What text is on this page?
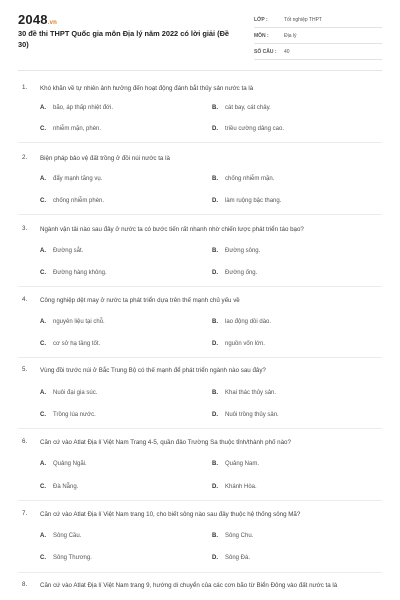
2048.vn
30 đề thi THPT Quốc gia môn Địa lý năm 2022 có lời giải (Đề 30)
LỚP :	Tốt nghiệp THPT
MÔN :	Địa lý
SỐ CÂU :	40
1. Khó khăn về tự nhiên ảnh hưởng đến hoạt động đánh bắt thủy sản nước ta là
A. bão, áp thấp nhiệt đới.	B. cát bay, cát chảy.
C. nhiễm mặn, phèn.	D. triều cường dâng cao.
2. Biện pháp bảo vệ đất trồng ở đồi núi nước ta là
A. đẩy mạnh tăng vụ.	B. chống nhiễm mặn.
C. chống nhiễm phèn.	D. làm ruộng bậc thang.
3. Ngành vận tải nào sau đây ở nước ta có bước tiến rất nhanh nhờ chiến lược phát triển táo bạo?
A. Đường sắt.	B. Đường sông.
C. Đường hàng không.	D. Đường ống.
4. Công nghiệp dệt may ở nước ta phát triển dựa trên thế mạnh chủ yếu về
A. nguyên liệu tại chỗ.	B. lao động dồi dào.
C. cơ sở hạ tầng tốt.	D. nguồn vốn lớn.
5. Vùng đồi trước núi ở Bắc Trung Bộ có thế mạnh để phát triển ngành nào sau đây?
A. Nuôi đại gia súc.	B. Khai thác thủy sản.
C. Trồng lúa nước.	D. Nuôi trồng thủy sản.
6. Căn cứ vào Atlat Địa lí Việt Nam Trang 4-5, quần đảo Trường Sa thuộc tỉnh/thành phố nào?
A. Quảng Ngãi.	B. Quảng Nam.
C. Đà Nẵng.	D. Khánh Hòa.
7. Căn cứ vào Atlat Địa lí Việt Nam trang 10, cho biết sông nào sau đây thuộc hệ thống sông Mã?
A. Sông Cầu.	B. Sông Chu.
C. Sông Thương.	D. Sông Đà.
8. Căn cứ vào Atlat Địa lí Việt Nam trang 9, hướng di chuyển của các cơn bão từ Biển Đông vào đất nước ta là
